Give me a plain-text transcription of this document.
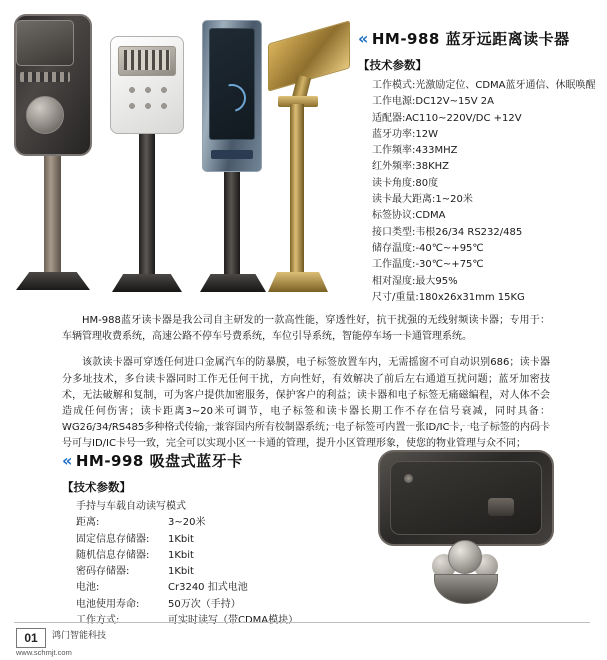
« HM-988 蓝牙远距离读卡器
【技术参数】
工作模式:光激励定位、CDMA蓝牙通信、休眠唤醒
工作电源:DC12V~15V 2A
适配器:AC110~220V/DC +12V
蓝牙功率:12W
工作频率:433MHZ
红外频率:38KHZ
读卡角度:80度
读卡最大距离:1~20米
标签协议:CDMA
接口类型:韦根26/34 RS232/485
储存温度:-40℃~+95℃
工作温度:-30℃~+75℃
相对湿度:最大95%
尺寸/重量:180x26x31mm 15KG

HM-988蓝牙读卡器是我公司自主研发的一款高性能，穿透性好，抗干扰强的无线射频读卡器；专用于：车辆管理收费系统，高速公路不停车号费系统，车位引导系统，智能停车场一卡通管理系统。

该款读卡器可穿透任何进口金属汽车的防暴膜，电子标签放置车内，无需摇窗不可自动识别686；读卡器分多址技术，多台读卡器同时工作无任何干扰，方向性好，有效解决了前后左右通道互扰问题；蓝牙加密技术，无法破解和复制，可为客户提供加密服务，保护客户的利益；读卡器和电子标签无痛磁编程，对人体不会造成任何伤害；读卡距离3~20米可调节，电子标签和读卡器长期工作不存在信号衰减，同时具备：WG26/34/RS485多种格式传输，兼容国内所有校制器系统；电子标签可内置一张ID/IC卡，电子标签的内码卡号可与ID/IC卡号一致，完全可以实现小区一卡通的管理，提升小区管理形象，使您的物业管理与众不同；

« HM-998 吸盘式蓝牙卡
【技术参数】
手持与车载自动读写模式
距离:	3~20米
固定信息存储器: 1Kbit
随机信息存储器: 1Kbit
密码存储器:	1Kbit
电池:	Cr3240 扣式电池
电池使用寿命:	50万次（手持）
工作方式:	可实时读写（带CDMA模块）
01	鸿门智能科技
www.schmjt.com
